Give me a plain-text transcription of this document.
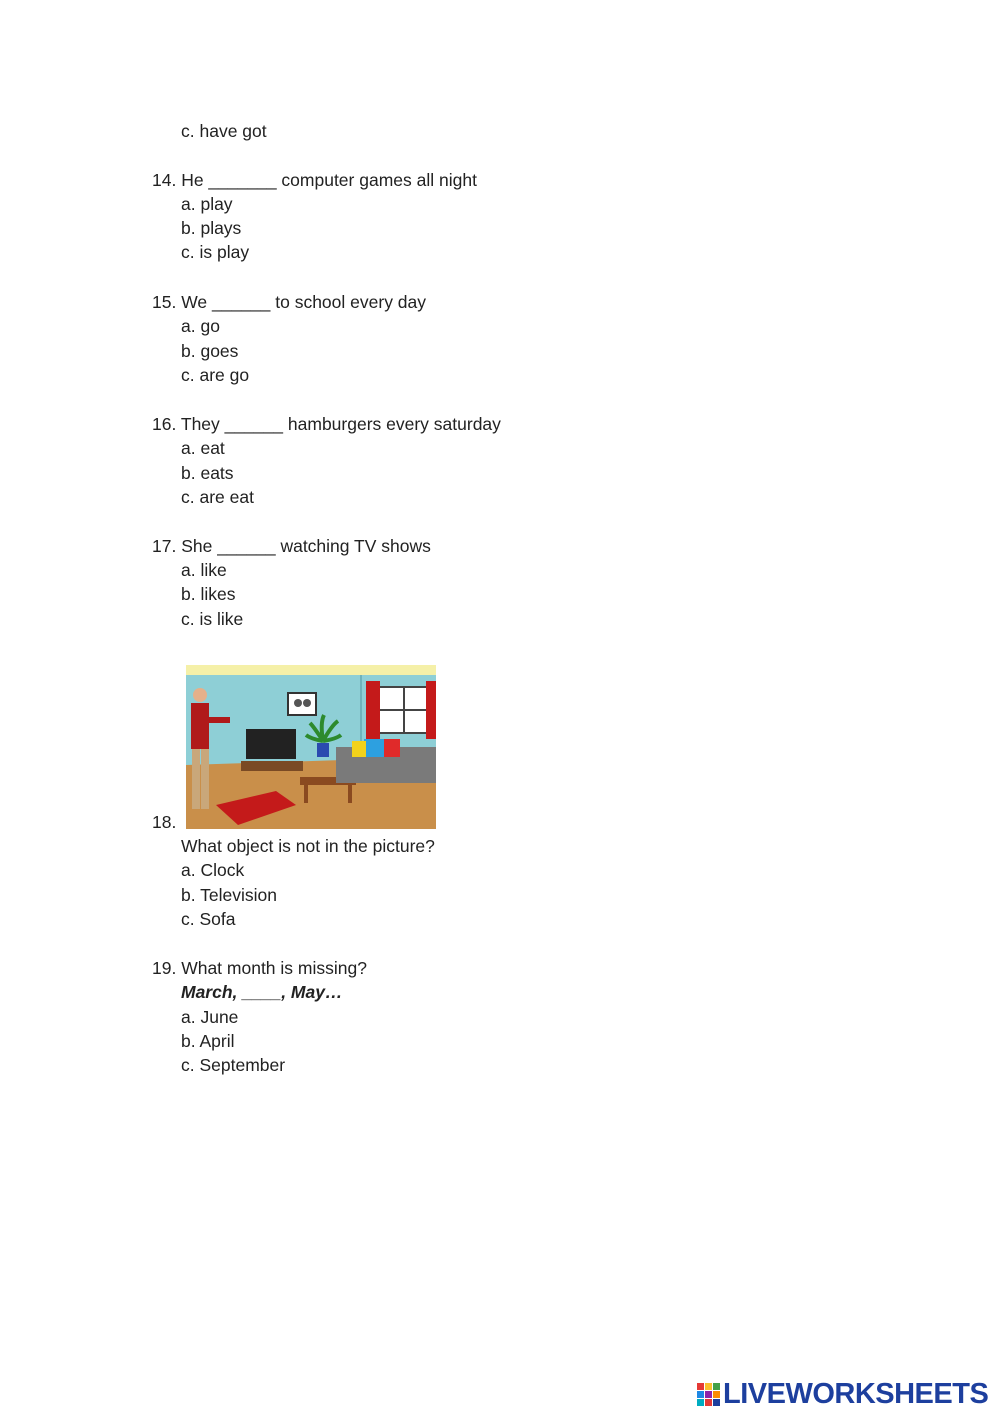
c. have got
14. He _______ computer games all night
a. play
b. plays
c. is play
15. We ______ to school every day
a. go
b. goes
c. are go
16. They ______ hamburgers every saturday
a. eat
b. eats
c. are eat
17. She ______ watching TV shows
a. like
b. likes
c. is like
18.
What object is not in the picture?
a. Clock
b. Television
c. Sofa
19. What month is missing?
March, ____, May…
a. June
b. April
c. September
LIVEWORKSHEETS
